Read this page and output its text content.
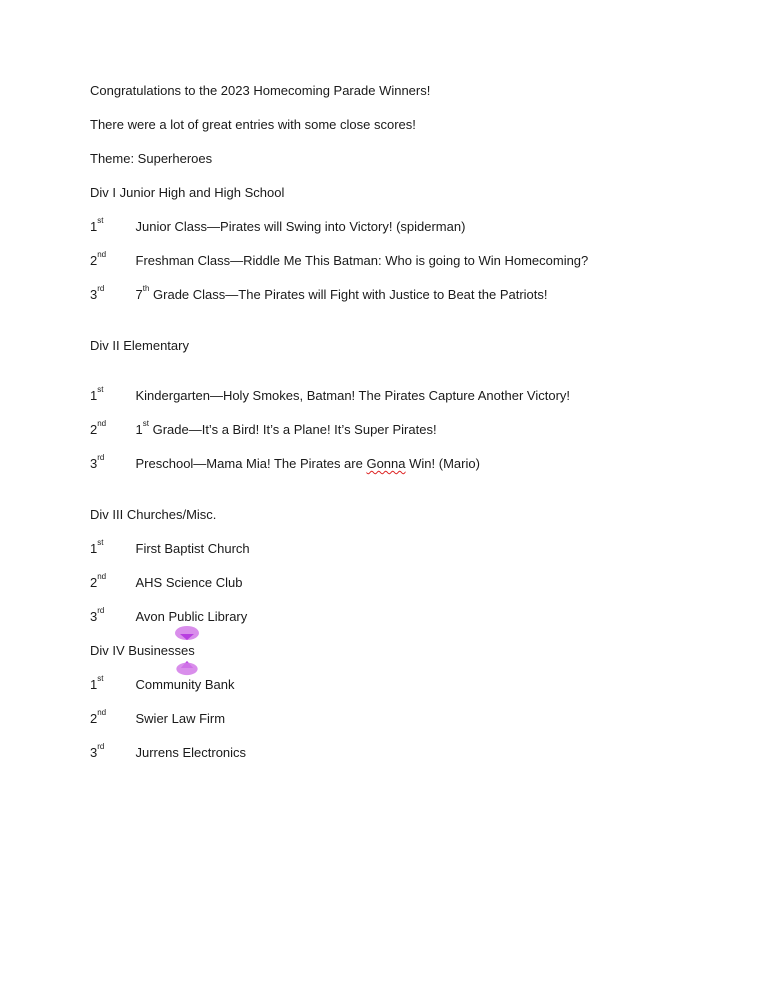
Congratulations to the 2023 Homecoming Parade Winners!
There were a lot of great entries with some close scores!
Theme: Superheroes
Div I Junior High and High School
1st Junior Class—Pirates will Swing into Victory! (spiderman)
2nd Freshman Class—Riddle Me This Batman: Who is going to Win Homecoming?
3rd 7th Grade Class—The Pirates will Fight with Justice to Beat the Patriots!
Div II Elementary
1st Kindergarten—Holy Smokes, Batman! The Pirates Capture Another Victory!
2nd 1st Grade—It’s a Bird! It’s a Plane! It’s Super Pirates!
3rd Preschool—Mama Mia! The Pirates are Gonna Win! (Mario)
Div III Churches/Misc.
1st First Baptist Church
2nd AHS Science Club
3rd Avon Public Library
Div IV Businesses
1st Community Bank
2nd Swier Law Firm
3rd Jurrens Electronics
